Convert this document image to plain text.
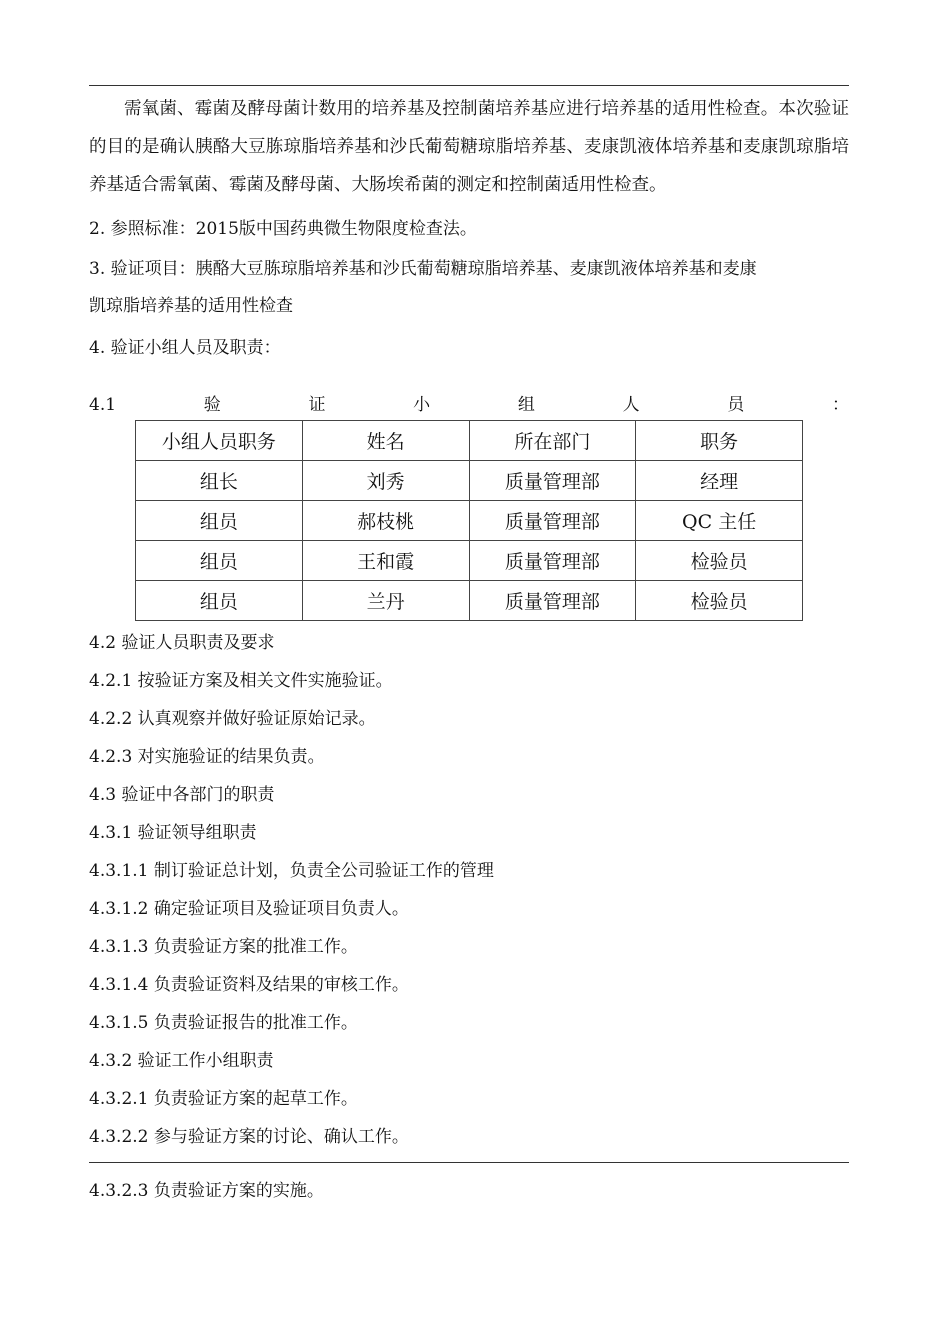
需氧菌、霉菌及酵母菌计数用的培养基及控制菌培养基应进行培养基的适用性检查。本次验证的目的是确认胰酪大豆胨琼脂培养基和沙氏葡萄糖琼脂培养基、麦康凯液体培养基和麦康凯琼脂培养基适合需氧菌、霉菌及酵母菌、大肠埃希菌的测定和控制菌适用性检查。

2. 参照标准：2015版中国药典微生物限度检查法。
3. 验证项目：胰酪大豆胨琼脂培养基和沙氏葡萄糖琼脂培养基、麦康凯液体培养基和麦康
凯琼脂培养基的适用性检查
4. 验证小组人员及职责：
4.1	验	证	小	组	人	员	：
小组人员职务	姓名	所在部门	职务
组长	刘秀	质量管理部	经理
组员	郝枝桃	质量管理部	QC 主任
组员	王和霞	质量管理部	检验员
组员	兰丹	质量管理部	检验员
4.2 验证人员职责及要求
4.2.1 按验证方案及相关文件实施验证。
4.2.2 认真观察并做好验证原始记录。
4.2.3 对实施验证的结果负责。
4.3 验证中各部门的职责
4.3.1 验证领导组职责
4.3.1.1 制订验证总计划，负责全公司验证工作的管理
4.3.1.2 确定验证项目及验证项目负责人。
4.3.1.3 负责验证方案的批准工作。
4.3.1.4 负责验证资料及结果的审核工作。
4.3.1.5 负责验证报告的批准工作。
4.3.2 验证工作小组职责
4.3.2.1 负责验证方案的起草工作。
4.3.2.2 参与验证方案的讨论、确认工作。
4.3.2.3 负责验证方案的实施。
